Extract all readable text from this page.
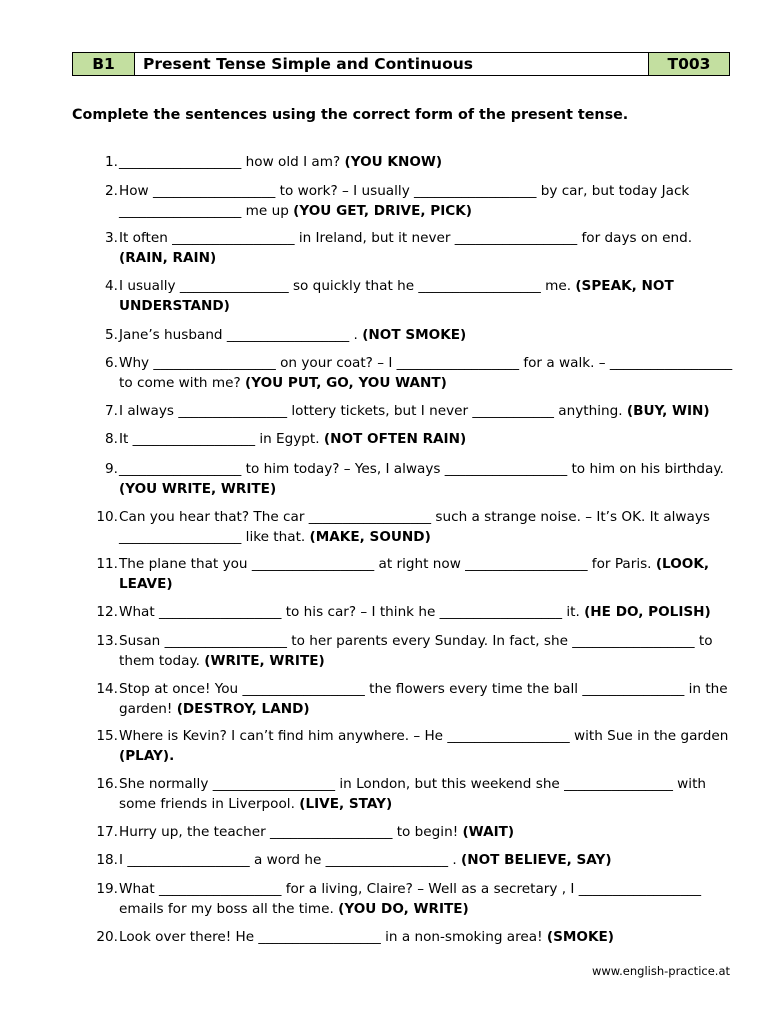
B1	Present Tense Simple and Continuous	T003
Complete the sentences using the correct form of the present tense.
1. __________________ how old I am? (YOU KNOW)
2. How __________________ to work? – I usually __________________ by car, but today Jack __________________ me up (YOU GET, DRIVE, PICK)
3. It often __________________ in Ireland, but it never __________________ for days on end. (RAIN, RAIN)
4. I usually ________________ so quickly that he __________________ me. (SPEAK, NOT UNDERSTAND)
5. Jane’s husband __________________ . (NOT SMOKE)
6. Why __________________ on your coat? – I __________________ for a walk. – __________________ to come with me? (YOU PUT, GO, YOU WANT)
7. I always ________________ lottery tickets, but I never ____________ anything. (BUY, WIN)
8. It __________________ in Egypt. (NOT OFTEN RAIN)
9. __________________ to him today? – Yes, I always __________________ to him on his birthday. (YOU WRITE, WRITE)
10. Can you hear that? The car __________________ such a strange noise. – It’s OK. It always __________________ like that. (MAKE, SOUND)
11. The plane that you __________________ at right now __________________ for Paris. (LOOK, LEAVE)
12. What __________________ to his car? – I think he __________________ it. (HE DO, POLISH)
13. Susan __________________ to her parents every Sunday. In fact, she __________________ to them today. (WRITE, WRITE)
14. Stop at once! You __________________ the flowers every time the ball _______________ in the garden! (DESTROY, LAND)
15. Where is Kevin? I can’t find him anywhere. – He __________________ with Sue in the garden (PLAY).
16. She normally __________________ in London, but this weekend she ________________ with some friends in Liverpool. (LIVE, STAY)
17. Hurry up, the teacher __________________ to begin! (WAIT)
18. I __________________ a word he __________________ . (NOT BELIEVE, SAY)
19. What __________________ for a living, Claire? – Well as a secretary , I __________________ emails for my boss all the time. (YOU DO, WRITE)
20. Look over there! He __________________ in a non-smoking area! (SMOKE)
www.english-practice.at
